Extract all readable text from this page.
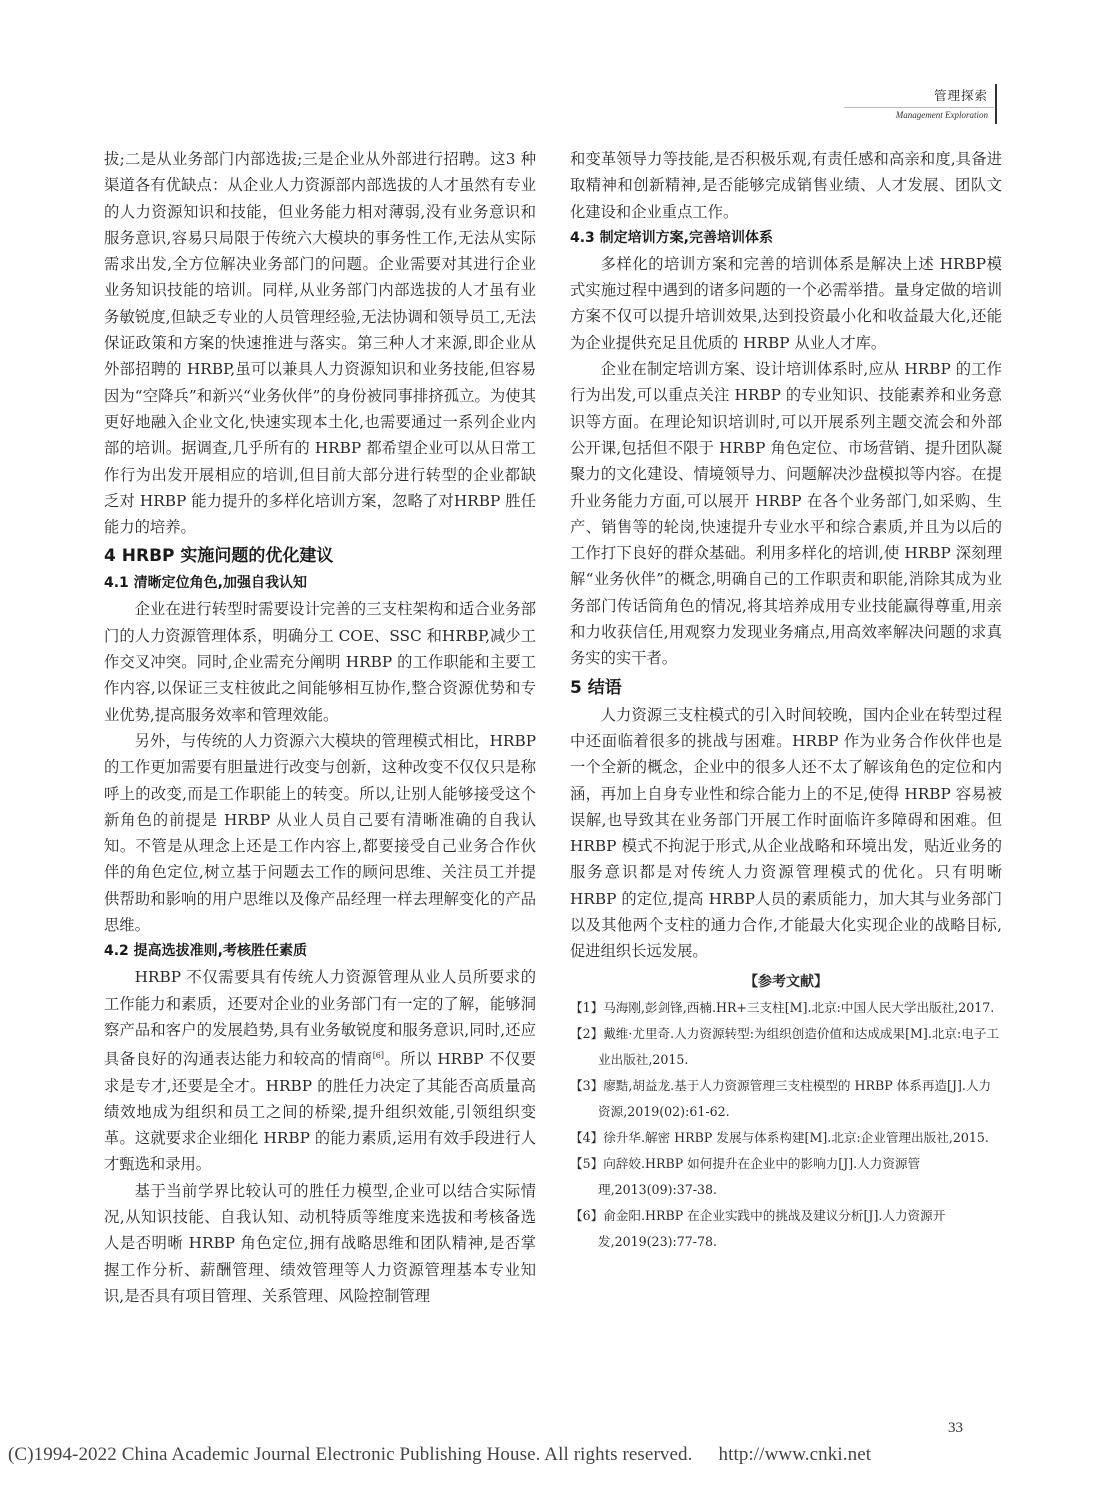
管理探索
Management Exploration

拔;二是从业务部门内部选拔;三是企业从外部进行招聘。这3 种渠道各有优缺点：从企业人力资源部内部选拔的人才虽然有专业的人力资源知识和技能，但业务能力相对薄弱,没有业务意识和服务意识,容易只局限于传统六大模块的事务性工作,无法从实际需求出发,全方位解决业务部门的问题。企业需要对其进行企业业务知识技能的培训。同样,从业务部门内部选拔的人才虽有业务敏锐度,但缺乏专业的人员管理经验,无法协调和领导员工,无法保证政策和方案的快速推进与落实。第三种人才来源,即企业从外部招聘的 HRBP,虽可以兼具人力资源知识和业务技能,但容易因为“空降兵”和新兴“业务伙伴”的身份被同事排挤孤立。为使其更好地融入企业文化,快速实现本土化,也需要通过一系列企业内部的培训。据调查,几乎所有的 HRBP 都希望企业可以从日常工作行为出发开展相应的培训,但目前大部分进行转型的企业都缺乏对 HRBP 能力提升的多样化培训方案，忽略了对HRBP 胜任能力的培养。

4 HRBP 实施问题的优化建议
4.1 清晰定位角色,加强自我认知

企业在进行转型时需要设计完善的三支柱架构和适合业务部门的人力资源管理体系，明确分工 COE、SSC 和HRBP,减少工作交叉冲突。同时,企业需充分阐明 HRBP 的工作职能和主要工作内容,以保证三支柱彼此之间能够相互协作,整合资源优势和专业优势,提高服务效率和管理效能。

另外，与传统的人力资源六大模块的管理模式相比，HRBP 的工作更加需要有胆量进行改变与创新，这种改变不仅仅只是称呼上的改变,而是工作职能上的转变。所以,让别人能够接受这个新角色的前提是 HRBP 从业人员自己要有清晰准确的自我认知。不管是从理念上还是工作内容上,都要接受自己业务合作伙伴的角色定位,树立基于问题去工作的顾问思维、关注员工并提供帮助和影响的用户思维以及像产品经理一样去理解变化的产品思维。

4.2 提高选拔准则,考核胜任素质

HRBP 不仅需要具有传统人力资源管理从业人员所要求的工作能力和素质，还要对企业的业务部门有一定的了解，能够洞察产品和客户的发展趋势,具有业务敏锐度和服务意识,同时,还应具备良好的沟通表达能力和较高的情商[6]。所以 HRBP 不仅要求是专才,还要是全才。HRBP 的胜任力决定了其能否高质量高绩效地成为组织和员工之间的桥梁,提升组织效能,引领组织变革。这就要求企业细化 HRBP 的能力素质,运用有效手段进行人才甄选和录用。

基于当前学界比较认可的胜任力模型,企业可以结合实际情况,从知识技能、自我认知、动机特质等维度来选拔和考核备选人是否明晰 HRBP 角色定位,拥有战略思维和团队精神,是否掌握工作分析、薪酬管理、绩效管理等人力资源管理基本专业知识,是否具有项目管理、关系管理、风险控制管理

和变革领导力等技能,是否积极乐观,有责任感和高亲和度,具备进取精神和创新精神,是否能够完成销售业绩、人才发展、团队文化建设和企业重点工作。

4.3 制定培训方案,完善培训体系

多样化的培训方案和完善的培训体系是解决上述 HRBP模式实施过程中遇到的诸多问题的一个必需举措。量身定做的培训方案不仅可以提升培训效果,达到投资最小化和收益最大化,还能为企业提供充足且优质的 HRBP 从业人才库。

企业在制定培训方案、设计培训体系时,应从 HRBP 的工作行为出发,可以重点关注 HRBP 的专业知识、技能素养和业务意识等方面。在理论知识培训时,可以开展系列主题交流会和外部公开课,包括但不限于 HRBP 角色定位、市场营销、提升团队凝聚力的文化建设、情境领导力、问题解决沙盘模拟等内容。在提升业务能力方面,可以展开 HRBP 在各个业务部门,如采购、生产、销售等的轮岗,快速提升专业水平和综合素质,并且为以后的工作打下良好的群众基础。利用多样化的培训,使 HRBP 深刻理解“业务伙伴”的概念,明确自己的工作职责和职能,消除其成为业务部门传话筒角色的情况,将其培养成用专业技能赢得尊重,用亲和力收获信任,用观察力发现业务痛点,用高效率解决问题的求真务实的实干者。

5 结语

人力资源三支柱模式的引入时间较晚，国内企业在转型过程中还面临着很多的挑战与困难。HRBP 作为业务合作伙伴也是一个全新的概念，企业中的很多人还不太了解该角色的定位和内涵，再加上自身专业性和综合能力上的不足,使得 HRBP 容易被误解,也导致其在业务部门开展工作时面临许多障碍和困难。但 HRBP 模式不拘泥于形式,从企业战略和环境出发，贴近业务的服务意识都是对传统人力资源管理模式的优化。只有明晰 HRBP 的定位,提高 HRBP人员的素质能力，加大其与业务部门以及其他两个支柱的通力合作,才能最大化实现企业的战略目标,促进组织长远发展。

【参考文献】
【1】马海刚,彭剑锋,西楠.HR+三支柱[M].北京:中国人民大学出版社,2017.
【2】戴维·尤里奇.人力资源转型:为组织创造价值和达成成果[M].北京:电子工业出版社,2015.
【3】廖黠,胡益龙.基于人力资源管理三支柱模型的 HRBP 体系再造[J].人力资源,2019(02):61-62.
【4】徐升华.解密 HRBP 发展与体系构建[M].北京:企业管理出版社,2015.
【5】向辞姣.HRBP 如何提升在企业中的影响力[J].人力资源管理,2013(09):37-38.
【6】俞金阳.HRBP 在企业实践中的挑战及建议分析[J].人力资源开发,2019(23):77-78.
33
(C)1994-2022 China Academic Journal Electronic Publishing House. All rights reserved. http://www.cnki.net
